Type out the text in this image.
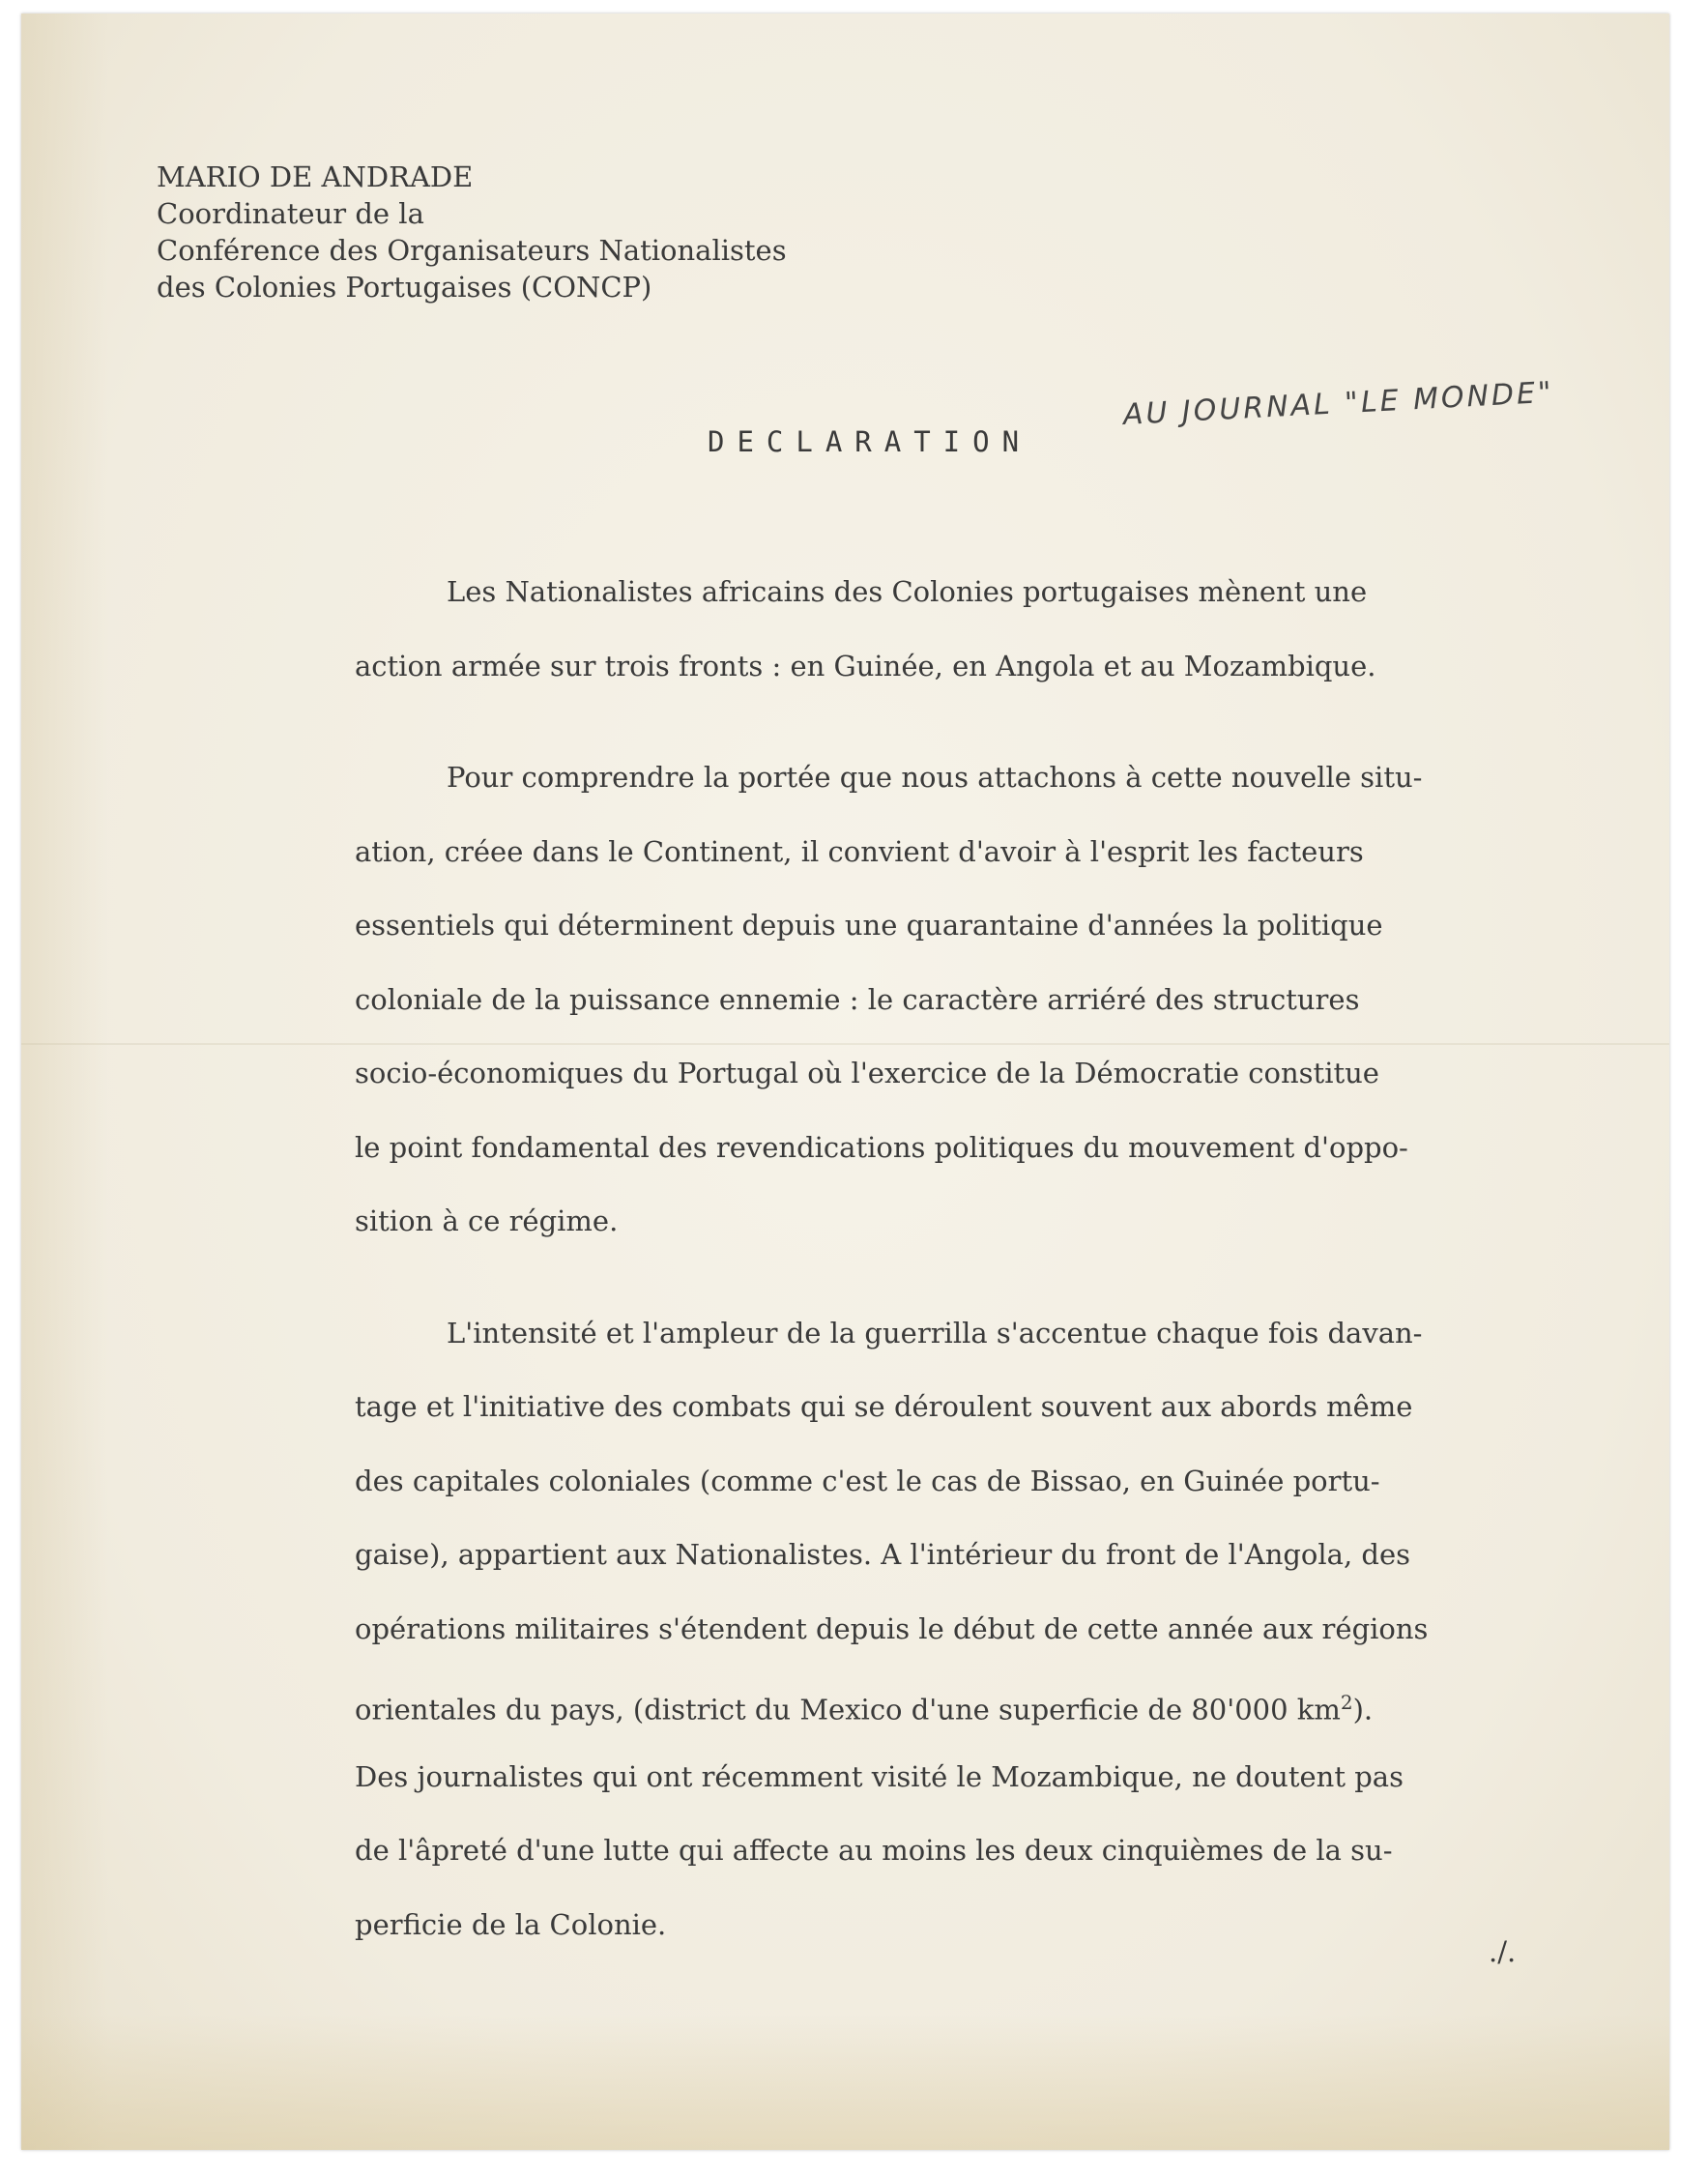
MARIO DE ANDRADE
Coordinateur de la
Conférence des Organisateurs Nationalistes
des Colonies Portugaises (CONCP)
DECLARATION
AU JOURNAL "LE MONDE"
Les Nationalistes africains des Colonies portugaises mènent une
action armée sur trois fronts : en Guinée, en Angola et au Mozambique.
Pour comprendre la portée que nous attachons à cette nouvelle situ-
ation, créee dans le Continent, il convient d'avoir à l'esprit les facteurs
essentiels qui déterminent depuis une quarantaine d'années la politique
coloniale de la puissance ennemie : le caractère arriéré des structures
socio-économiques du Portugal où l'exercice de la Démocratie constitue
le point fondamental des revendications politiques du mouvement d'oppo-
sition à ce régime.
L'intensité et l'ampleur de la guerrilla s'accentue chaque fois davan-
tage et l'initiative des combats qui se déroulent souvent aux abords même
des capitales coloniales (comme c'est le cas de Bissao, en Guinée portu-
gaise), appartient aux Nationalistes. A l'intérieur du front de l'Angola, des
opérations militaires s'étendent depuis le début de cette année aux régions
orientales du pays, (district du Mexico d'une superficie de 80'000 $km^2$).
Des journalistes qui ont récemment visité le Mozambique, ne doutent pas
de l'âpreté d'une lutte qui affecte au moins les deux cinquièmes de la su-
perficie de la Colonie.
./.
